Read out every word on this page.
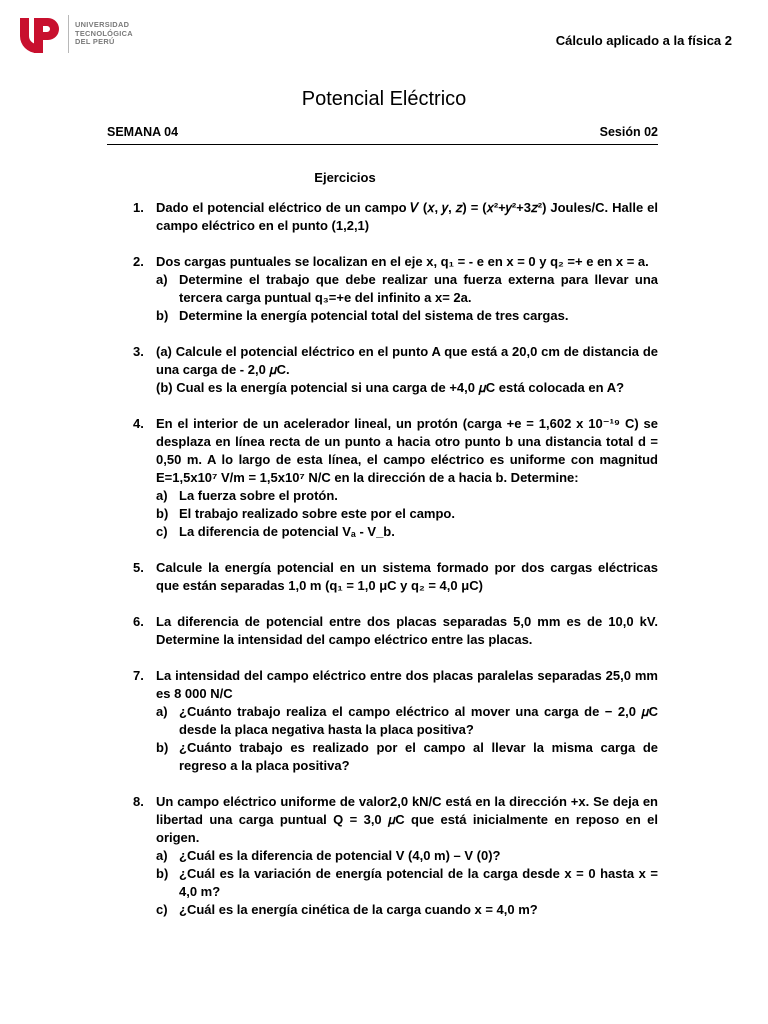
UNIVERSIDAD
TECNOLÓGICA
DEL PERÚ	Cálculo aplicado a la física 2
Potencial Eléctrico
SEMANA 04	Sesión 02
Ejercicios
1. Dado el potencial eléctrico de un campo 𝑉 (𝑥, 𝑦, 𝑧) = (𝑥²+𝑦²+3𝑧²) Joules/C. Halle el campo eléctrico en el punto (1,2,1)
2. Dos cargas puntuales se localizan en el eje x, q₁ = - e en x = 0 y q₂ =+ e en x = a.
a) Determine el trabajo que debe realizar una fuerza externa para llevar una tercera carga puntual q₃=+e del infinito a x= 2a.
b) Determine la energía potencial total del sistema de tres cargas.
3. (a) Calcule el potencial eléctrico en el punto A que está a 20,0 cm de distancia de una carga de - 2,0 𝜇C.
(b) Cual es la energía potencial si una carga de +4,0 𝜇C está colocada en A?
4. En el interior de un acelerador lineal, un protón (carga +e = 1,602 x 10⁻¹⁹ C) se desplaza en línea recta de un punto a hacia otro punto b una distancia total d = 0,50 m. A lo largo de esta línea, el campo eléctrico es uniforme con magnitud E=1,5x10⁷ V/m = 1,5x10⁷ N/C en la dirección de a hacia b. Determine:
a) La fuerza sobre el protón.
b) El trabajo realizado sobre este por el campo.
c) La diferencia de potencial Vₐ - V_b.
5. Calcule la energía potencial en un sistema formado por dos cargas eléctricas que están separadas 1,0 m (q₁ = 1,0 μC y q₂ = 4,0 μC)
6. La diferencia de potencial entre dos placas separadas 5,0 mm es de 10,0 kV. Determine la intensidad del campo eléctrico entre las placas.
7. La intensidad del campo eléctrico entre dos placas paralelas separadas 25,0 mm es 8 000 N/C
a) ¿Cuánto trabajo realiza el campo eléctrico al mover una carga de − 2,0 𝜇C desde la placa negativa hasta la placa positiva?
b) ¿Cuánto trabajo es realizado por el campo al llevar la misma carga de regreso a la placa positiva?
8. Un campo eléctrico uniforme de valor2,0 kN/C está en la dirección +x. Se deja en libertad una carga puntual Q = 3,0 𝜇C que está inicialmente en reposo en el origen.
a) ¿Cuál es la diferencia de potencial V (4,0 m) – V (0)?
b) ¿Cuál es la variación de energía potencial de la carga desde x = 0 hasta x = 4,0 m?
c) ¿Cuál es la energía cinética de la carga cuando x = 4,0 m?
